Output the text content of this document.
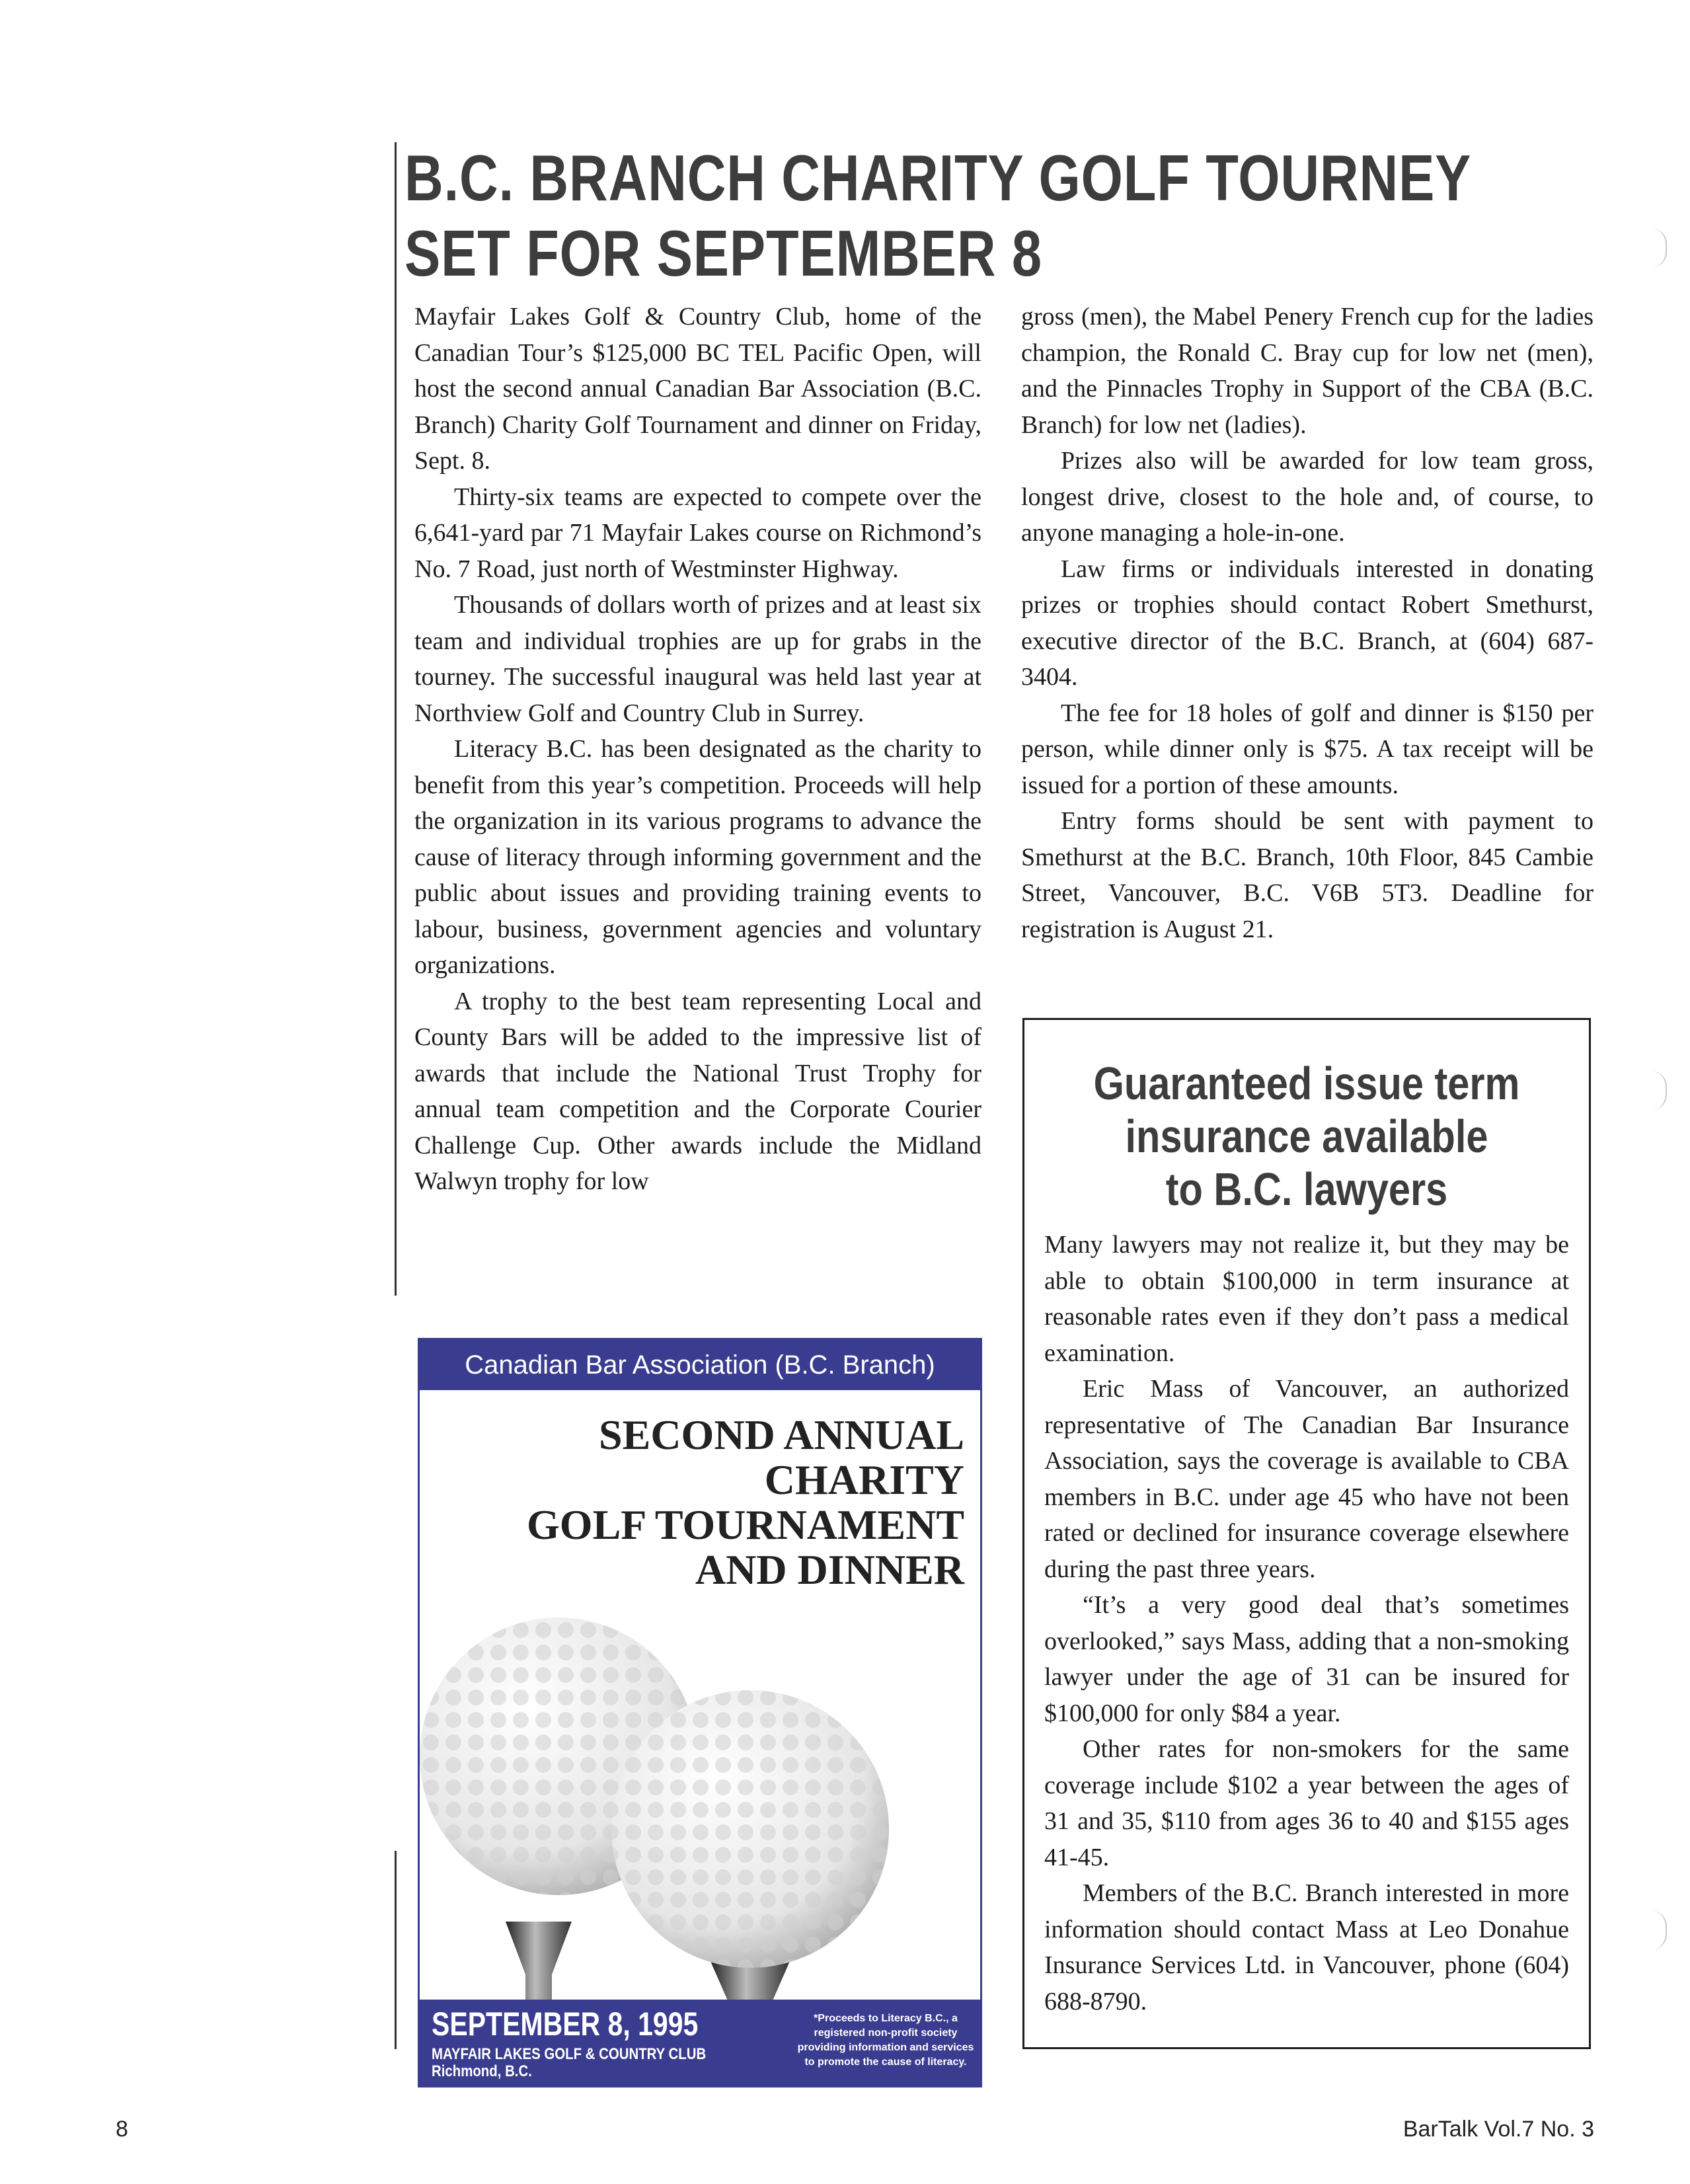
B.C. BRANCH CHARITY GOLF TOURNEY
SET FOR SEPTEMBER 8

Mayfair Lakes Golf & Country Club, home of the Canadian Tour’s $125,000 BC TEL Pacific Open, will host the second annual Canadian Bar Association (B.C. Branch) Charity Golf Tournament and dinner on Friday, Sept. 8.

Thirty-six teams are expected to compete over the 6,641-yard par 71 Mayfair Lakes course on Richmond’s No. 7 Road, just north of Westminster Highway.

Thousands of dollars worth of prizes and at least six team and individual trophies are up for grabs in the tourney. The successful inaugural was held last year at Northview Golf and Country Club in Surrey.

Literacy B.C. has been designated as the charity to benefit from this year’s competition. Proceeds will help the organization in its various programs to advance the cause of literacy through informing government and the public about issues and providing training events to labour, business, government agencies and voluntary organizations.

A trophy to the best team representing Local and County Bars will be added to the impressive list of awards that include the National Trust Trophy for annual team competition and the Corporate Courier Challenge Cup. Other awards include the Midland Walwyn trophy for low

gross (men), the Mabel Penery French cup for the ladies champion, the Ronald C. Bray cup for low net (men), and the Pinnacles Trophy in Support of the CBA (B.C. Branch) for low net (ladies).

Prizes also will be awarded for low team gross, longest drive, closest to the hole and, of course, to anyone managing a hole-in-one.

Law firms or individuals interested in donating prizes or trophies should contact Robert Smethurst, executive director of the B.C. Branch, at (604) 687-3404.

The fee for 18 holes of golf and dinner is $150 per person, while dinner only is $75. A tax receipt will be issued for a portion of these amounts.

Entry forms should be sent with payment to Smethurst at the B.C. Branch, 10th Floor, 845 Cambie Street, Vancouver, B.C. V6B 5T3. Deadline for registration is August 21.

Canadian Bar Association (B.C. Branch)
SECOND ANNUAL CHARITY
GOLF TOURNAMENT
AND DINNER
SEPTEMBER 8, 1995
MAYFAIR LAKES GOLF & COUNTRY CLUB
Richmond, B.C.
*Proceeds to Literacy B.C., a registered non-profit society providing information and services to promote the cause of literacy.
Guaranteed issue term
insurance available
to B.C. lawyers

Many lawyers may not realize it, but they may be able to obtain $100,000 in term insurance at reasonable rates even if they don’t pass a medical examination.

Eric Mass of Vancouver, an authorized representative of The Canadian Bar Insurance Association, says the coverage is available to CBA members in B.C. under age 45 who have not been rated or declined for insurance coverage elsewhere during the past three years.

“It’s a very good deal that’s sometimes overlooked,” says Mass, adding that a non-smoking lawyer under the age of 31 can be insured for $100,000 for only $84 a year.

Other rates for non-smokers for the same coverage include $102 a year between the ages of 31 and 35, $110 from ages 36 to 40 and $155 ages 41-45.

Members of the B.C. Branch interested in more information should contact Mass at Leo Donahue Insurance Services Ltd. in Vancouver, phone (604) 688-8790.

8	BarTalk Vol.7 No. 3
